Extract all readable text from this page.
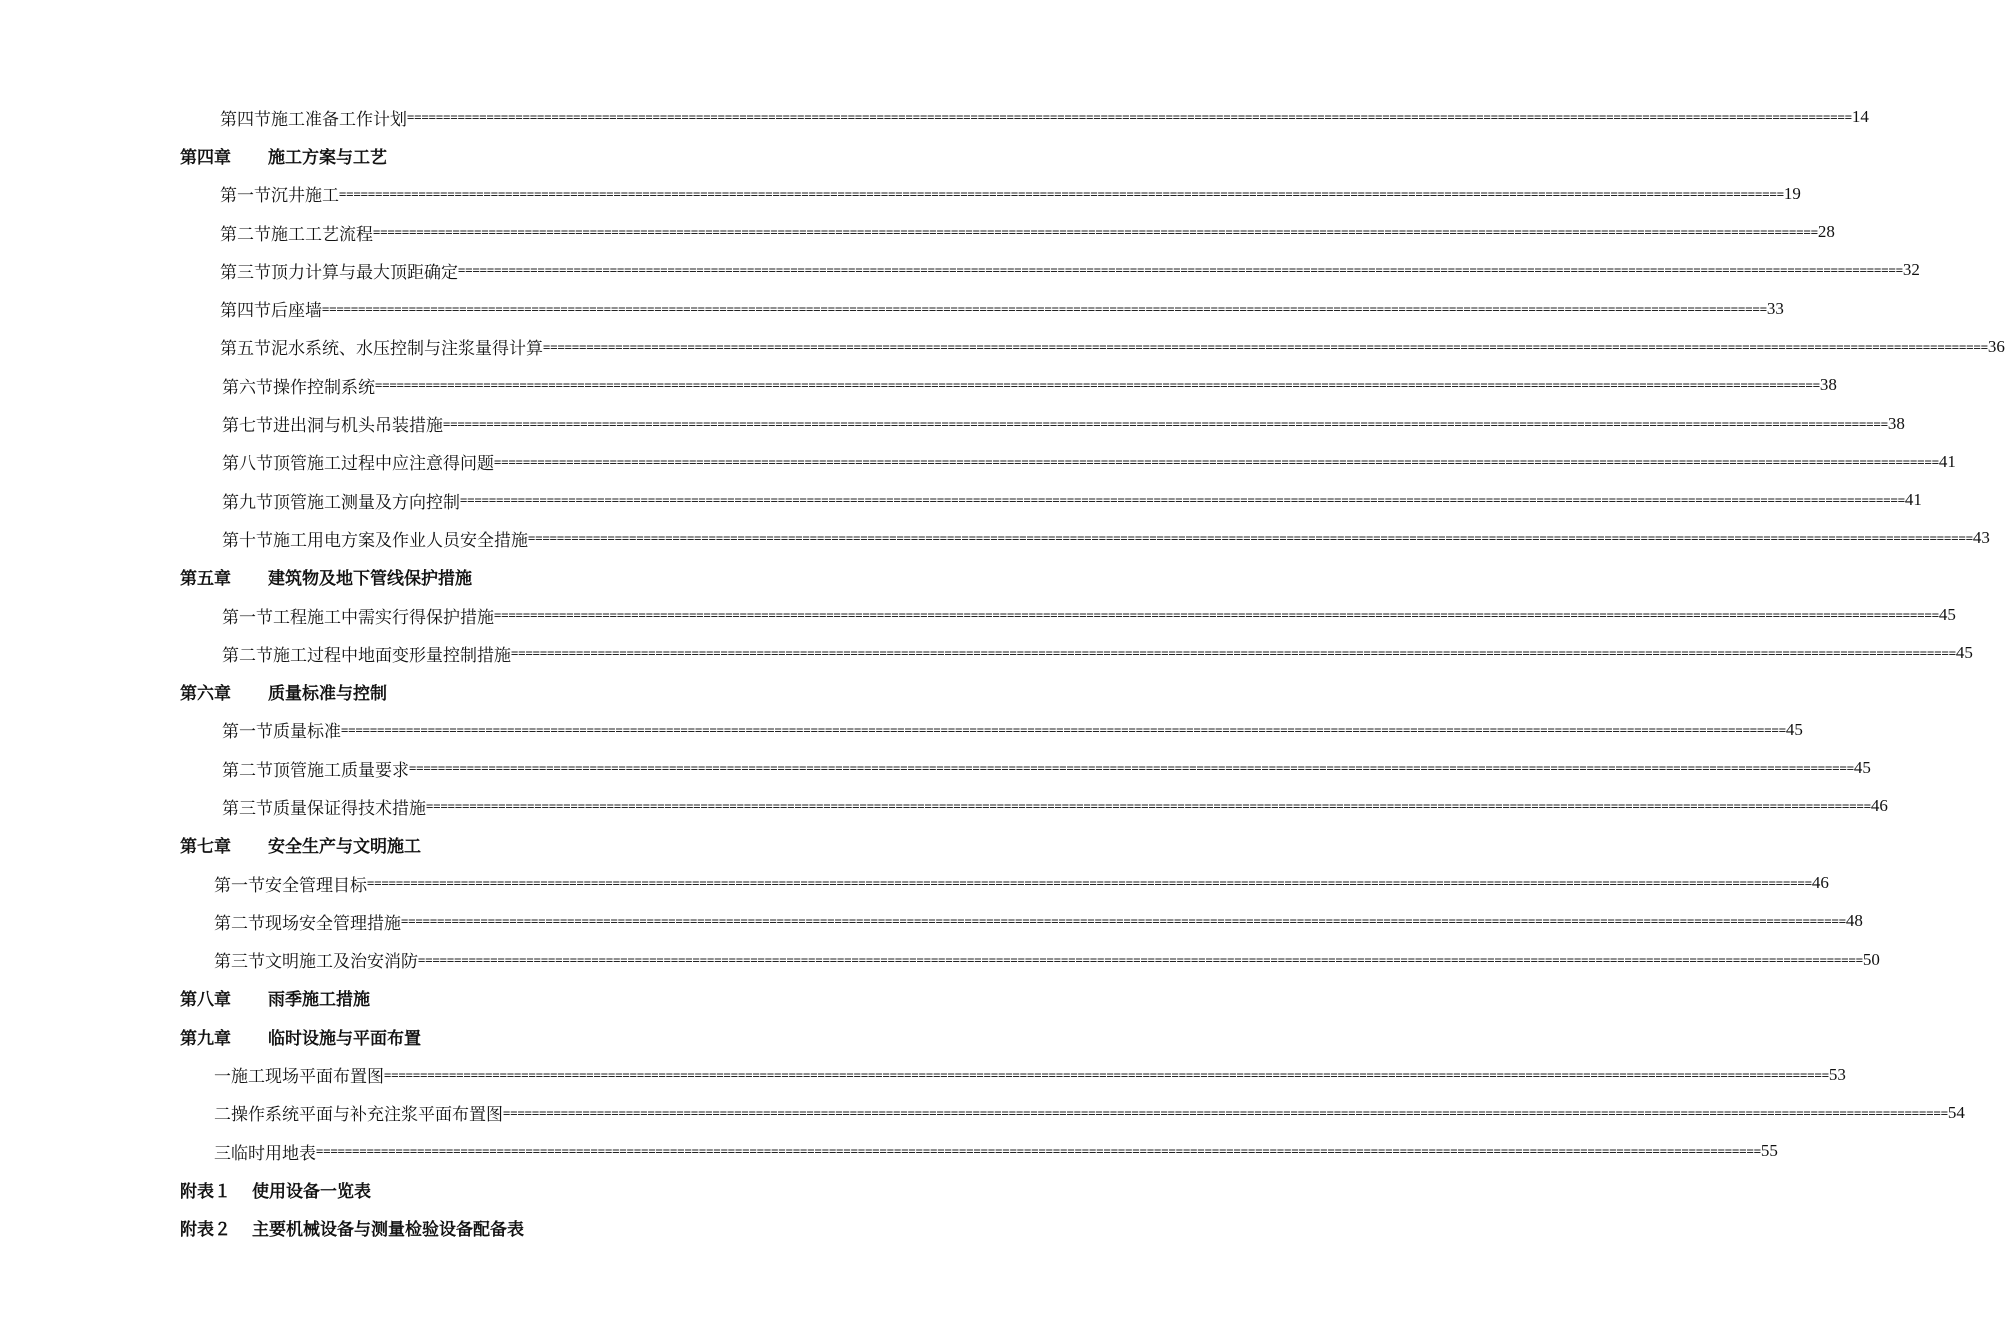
第四节 施工准备工作计划 ======================================================================================================================================================================================================== 14
第四章	施工方案与工艺
第一节 沉井施工 ======================================================================================================================================================================================================== 19
第二节 施工工艺流程 ======================================================================================================================================================================================================== 28
第三节 顶力计算与最大顶距确定 ======================================================================================================================================================================================================== 32
第四节 后座墙 ======================================================================================================================================================================================================== 33
第五节 泥水系统、水压控制与注浆量得计算 ======================================================================================================================================================================================================== 36
第六节 操作控制系统 ======================================================================================================================================================================================================== 38
第七节 进出洞与机头吊装措施 ======================================================================================================================================================================================================== 38
第八节 顶管施工过程中应注意得问题 ======================================================================================================================================================================================================== 41
第九节 顶管施工测量及方向控制 ======================================================================================================================================================================================================== 41
第十节 施工用电方案及作业人员安全措施 ======================================================================================================================================================================================================== 43
第五章	建筑物及地下管线保护措施
第一节 工程施工中需实行得保护措施 ======================================================================================================================================================================================================== 45
第二节 施工过程中地面变形量控制措施 ======================================================================================================================================================================================================== 45
第六章	质量标准与控制
第一节 质量标准 ======================================================================================================================================================================================================== 45
第二节 顶管施工质量要求 ======================================================================================================================================================================================================== 45
第三节 质量保证得技术措施 ======================================================================================================================================================================================================== 46
第七章	安全生产与文明施工
第一节 安全管理目标 ======================================================================================================================================================================================================== 46
第二节 现场安全管理措施 ======================================================================================================================================================================================================== 48
第三节 文明施工及治安消防 ======================================================================================================================================================================================================== 50
第八章	雨季施工措施
第九章	临时设施与平面布置
一 施工现场平面布置图 ======================================================================================================================================================================================================== 53
二 操作系统平面与补充注浆平面布置图 ======================================================================================================================================================================================================== 54
三 临时用地表 ======================================================================================================================================================================================================== 55
附表１	使用设备一览表
附表２	主要机械设备与测量检验设备配备表
